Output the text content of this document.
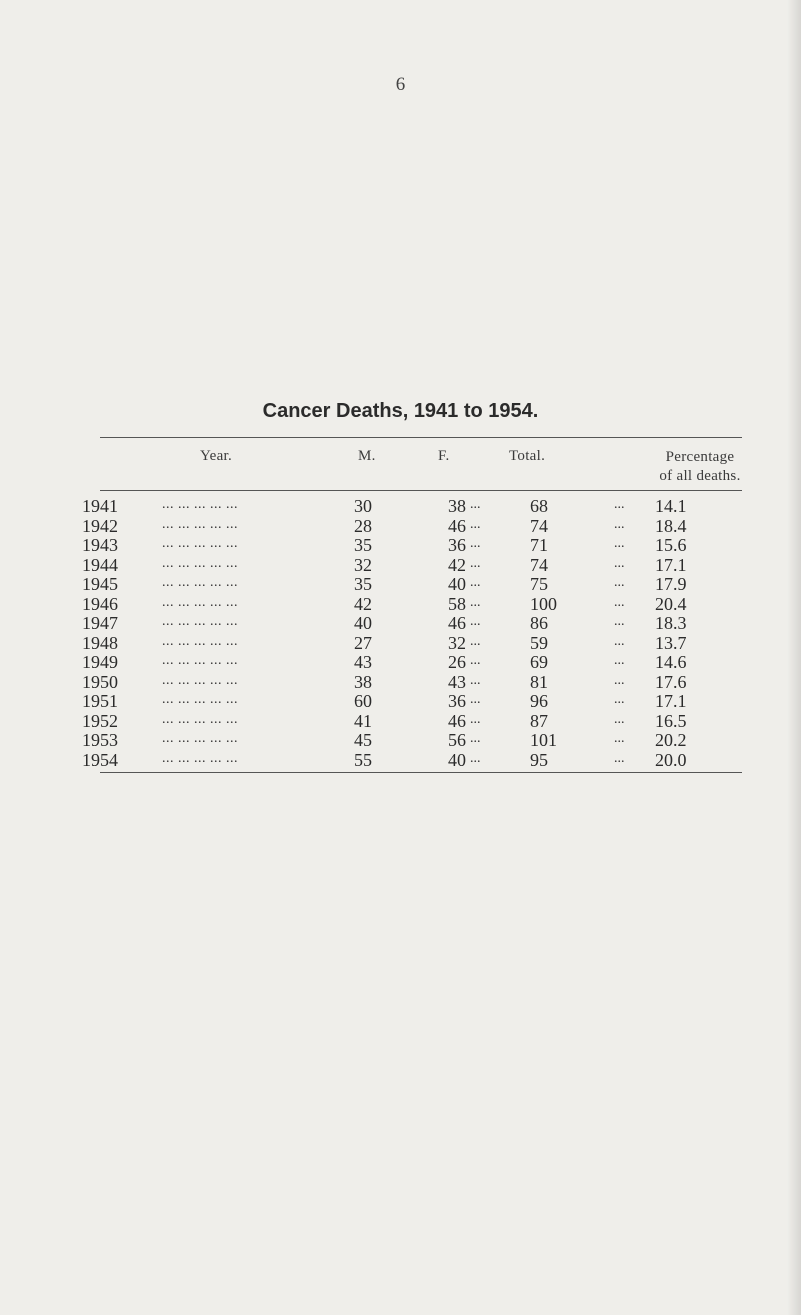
6
Cancer Deaths, 1941 to 1954.
Year.	M.	F.	Total.	Percentage
of all deaths.
1941	... ... ... ... ...	30	38 ...	68	... 14.1
1942	... ... ... ... ...	28	46 ...	74	... 18.4
1943	... ... ... ... ...	35	36 ...	71	... 15.6
1944	... ... ... ... ...	32	42 ...	74	... 17.1
1945	... ... ... ... ...	35	40 ...	75	... 17.9
1946	... ... ... ... ...	42	58 ...	100	... 20.4
1947	... ... ... ... ...	40	46 ...	86	... 18.3
1948	... ... ... ... ...	27	32 ...	59	... 13.7
1949	... ... ... ... ...	43	26 ...	69	... 14.6
1950	... ... ... ... ...	38	43 ...	81	... 17.6
1951	... ... ... ... ...	60	36 ...	96	... 17.1
1952	... ... ... ... ...	41	46 ...	87	... 16.5
1953	... ... ... ... ...	45	56 ...	101	... 20.2
1954	... ... ... ... ...	55	40 ...	95	... 20.0
